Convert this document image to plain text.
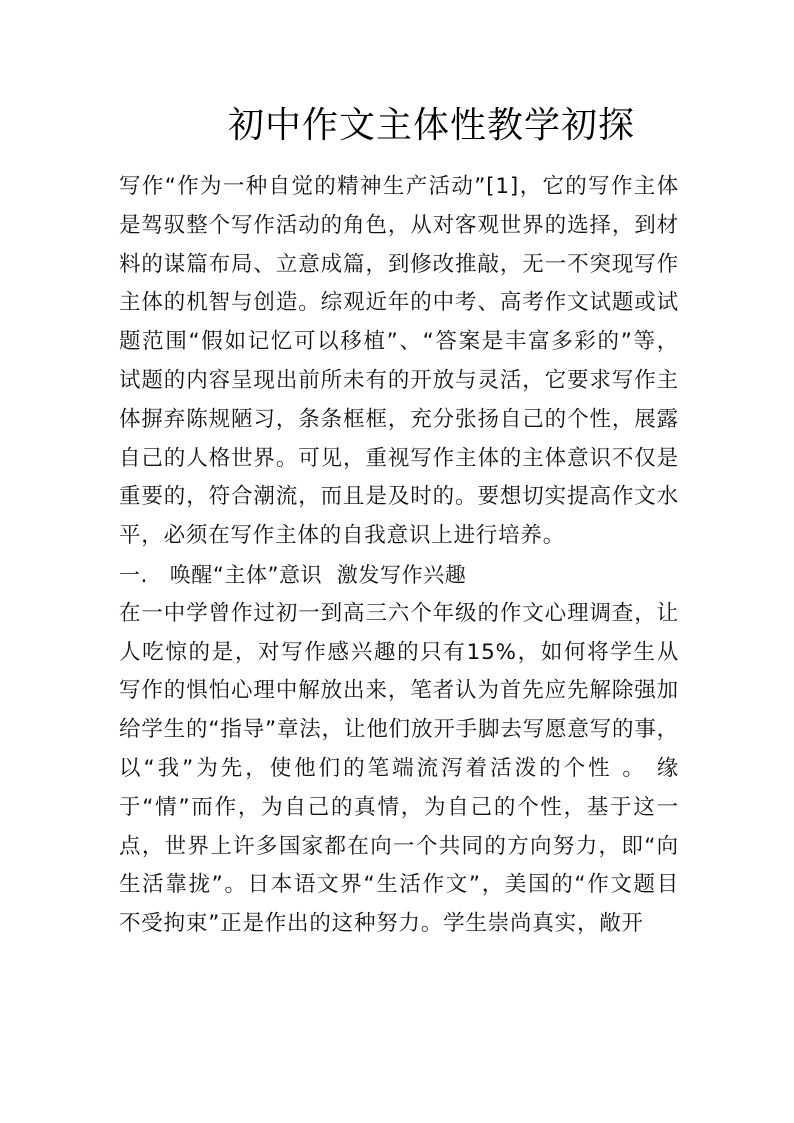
初中作文主体性教学初探

写作“作为一种自觉的精神生产活动”[1]，它的写作主体是驾驭整个写作活动的角色，从对客观世界的选择，到材料的谋篇布局、立意成篇，到修改推敲，无一不突现写作主体的机智与创造。综观近年的中考、高考作文试题或试题范围“假如记忆可以移植”、“答案是丰富多彩的”等，试题的内容呈现出前所未有的开放与灵活，它要求写作主体摒弃陈规陋习，条条框框，充分张扬自己的个性，展露自己的人格世界。可见，重视写作主体的主体意识不仅是重要的，符合潮流，而且是及时的。要想切实提高作文水平，必须在写作主体的自我意识上进行培养。

一.   唤醒“主体”意识  激发写作兴趣

在一中学曾作过初一到高三六个年级的作文心理调查，让人吃惊的是，对写作感兴趣的只有15%，如何将学生从写作的惧怕心理中解放出来，笔者认为首先应先解除强加给学生的“指导”章法，让他们放开手脚去写愿意写的事，以“我”为先，使他们的笔端流泻着活泼的个性 。 缘于“情”而作，为自己的真情，为自己的个性，基于这一点，世界上许多国家都在向一个共同的方向努力，即“向生活靠拢”。日本语文界“生活作文”，美国的“作文题目不受拘束”正是作出的这种努力。学生崇尚真实，敞开
